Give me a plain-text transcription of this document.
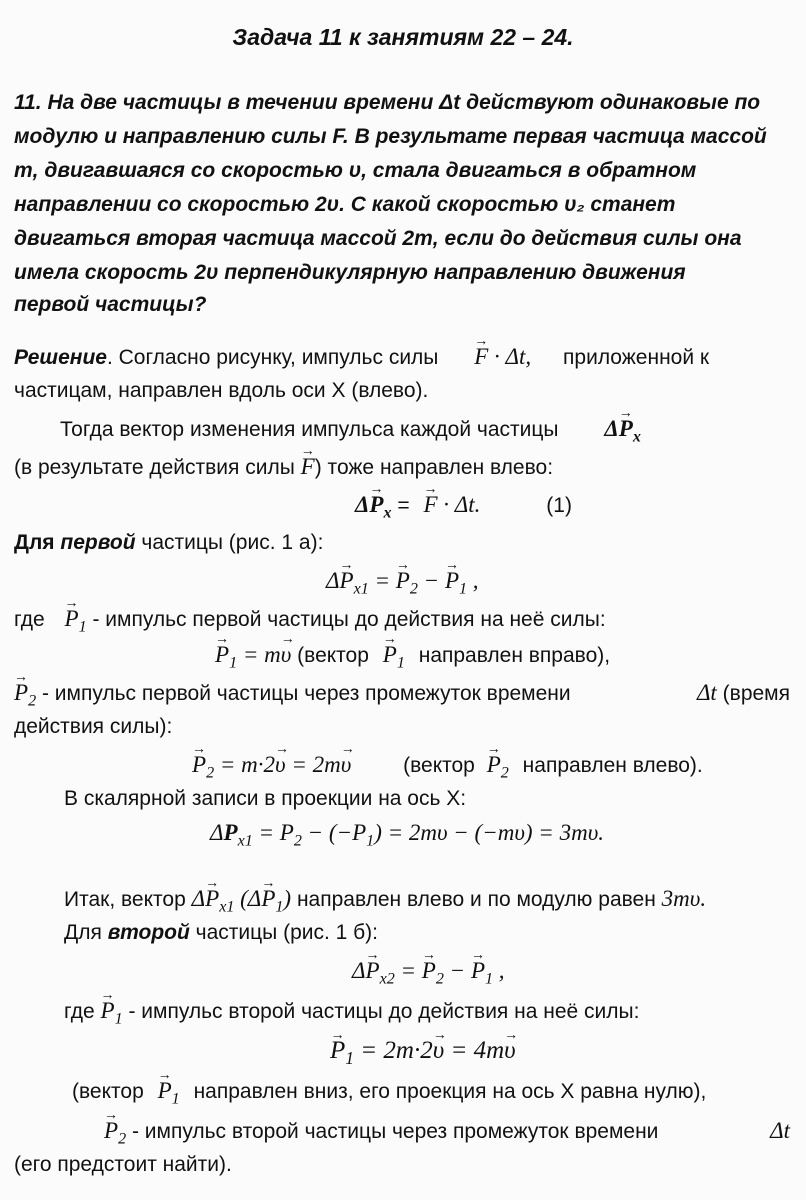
Задача 11 к занятиям 22 – 24.
11. На две частицы в течении времени Δt действуют одинаковые по
модулю и направлению силы F. В результате первая частица массой
m, двигавшаяся со скоростью υ, стала двигаться в обратном
направлении со скоростью 2υ. С какой скоростью υ₂ станет
двигаться вторая частица массой 2m, если до действия силы она
имела скорость 2υ перпендикулярную направлению движения
первой частицы?
Решение. Согласно рисунку, импульс силы → F · Δt, приложенной к
частицам, направлен вдоль оси X (влево).
Тогда вектор изменения импульса каждой частицы $\Delta\to P_x$
(в результате действия силы → F) тоже направлен влево:
$\Delta\to P_x$ = → F · Δt.	(1)
Для первой частицы (рис. 1 а):
$\Delta\to P_{x1}$ = → $P_2$ − → $P_1$ ,
где → $P_1$ - импульс первой частицы до действия на неё силы:
→ $P_1 = m\to \upsilon$ (вектор → $P_1$ направлен вправо),
→ $P_2$ - импульс первой частицы через промежуток времени	Δt (время
действия силы):
→ $P_2 = m\cdot 2\to \upsilon = 2m\to \upsilon$ (вектор → $P_2$ направлен влево).
В скалярной записи в проекции на ось X:
$\Delta P_{x1} = P_2 - (-P_1) = 2m\upsilon - (-m\upsilon) = 3m\upsilon$.
Итак, вектор $\Delta\to P_{x1}$ $(\Delta\to P_1)$ направлен влево и по модулю равен 3mυ.
Для второй частицы (рис. 1 б):
$\Delta\to P_{x2}$ = → $P_2$ − → $P_1$ ,
где → $P_1$ - импульс второй частицы до действия на неё силы:
→ $P_1 = 2m\cdot 2\to \upsilon = 4m\to \upsilon$
(вектор → $P_1$ направлен вниз, его проекция на ось X равна нулю),
→ $P_2$ - импульс второй частицы через промежуток времени	Δt
(его предстоит найти).
